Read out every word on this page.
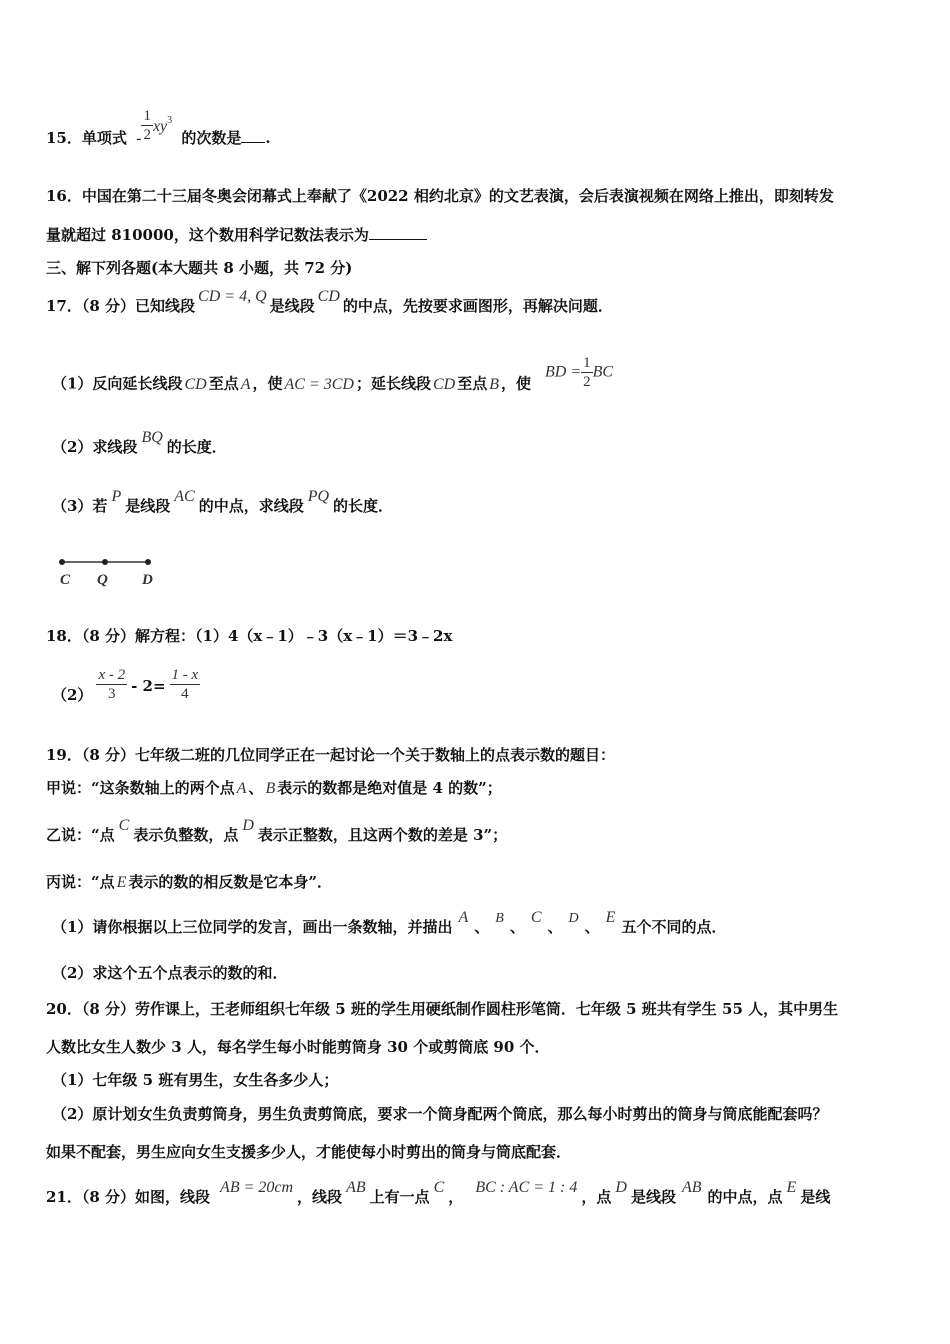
15．单项式 - $\frac{1}{2} xy^3$ 的次数是 .
16．中国在第二十三届冬奥会闭幕式上奉献了《2022 相约北京》的文艺表演，会后表演视频在网络上推出，即刻转发
量就超过 810000，这个数用科学记数法表示为
三、解下列各题(本大题共 8 小题，共 72 分)
17．（8 分）已知线段CD = 4, Q是线段CD的中点，先按要求画图形，再解决问题．
（1）反向延长线段 CD 至点 A ，使 AC = 3CD ；延长线段 CD 至点 B ，使BD = $\frac{1}{2}$ BC
（2）求线段BQ的长度．
（3）若P是线段AC的中点，求线段PQ的长度．
C Q D
18．（8 分）解方程：（1）4（x﹣1）﹣3（x﹣1）＝3﹣2x
$(2) \frac{x - 2}{3} - 2= \frac{1 - x}{4}$
19．（8 分）七年级二班的几位同学正在一起讨论一个关于数轴上的点表示数的题目：
甲说：“这条数轴上的两个点 A 、 B 表示的数都是绝对值是 4 的数”；
乙说：“点C表示负整数，点D表示正整数，且这两个数的差是 3”；
丙说：“点 E 表示的数的相反数是它本身”．
（1）请你根据以上三位同学的发言，画出一条数轴，并描出A、 B 、C、 D 、E五个不同的点．
（2）求这个五个点表示的数的和．
20．（8 分）劳作课上，王老师组织七年级 5 班的学生用硬纸制作圆柱形笔筒．七年级 5 班共有学生 55 人，其中男生
人数比女生人数少 3 人，每名学生每小时能剪筒身 30 个或剪筒底 90 个．
（1）七年级 5 班有男生，女生各多少人；
（2）原计划女生负责剪筒身，男生负责剪筒底，要求一个筒身配两个筒底，那么每小时剪出的筒身与筒底能配套吗？
如果不配套，男生应向女生支援多少人，才能使每小时剪出的筒身与筒底配套．
21．（8 分）如图，线段AB = 20cm，线段AB上有一点C，BC : AC = 1 : 4，点D是线段AB的中点，点E是线
